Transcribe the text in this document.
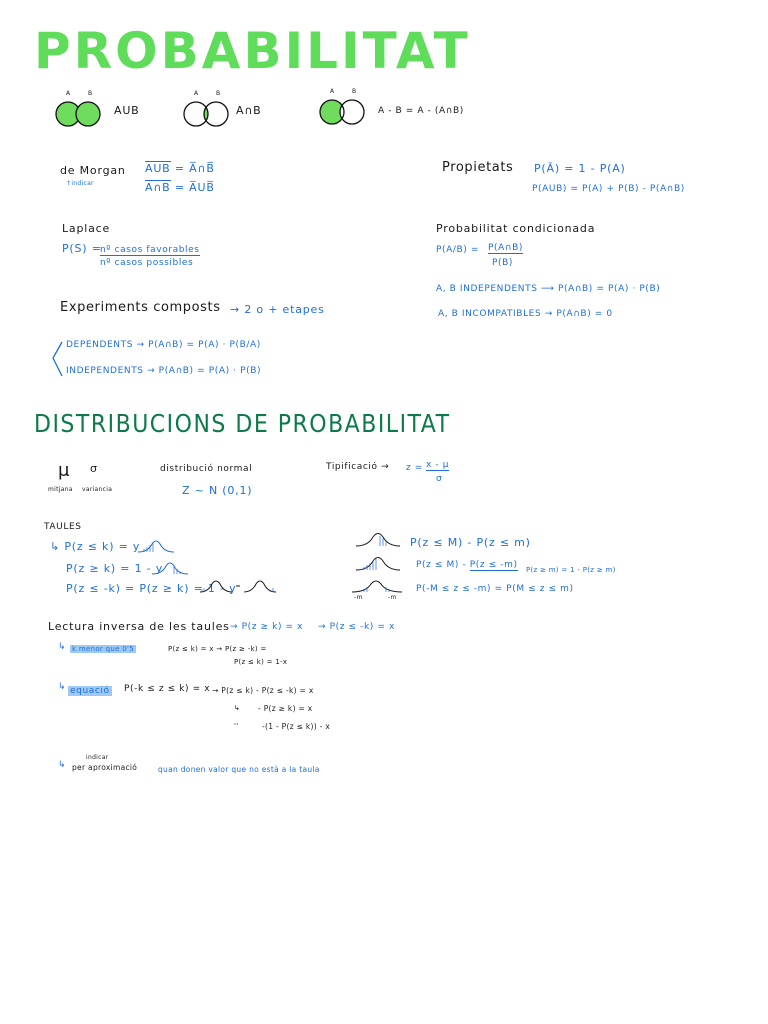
PROBABILITAT
A	B
AUB
A	B
A∩B
A	B
A - B = A - (A∩B)
de Morgan
↑indicar
AUB = A̅∩B̅
A∩B = A̅UB̅
Propietats P(Ā) = 1 - P(A)
P(AUB) = P(A) + P(B) - P(A∩B)
Laplace
P(S) =
nº casos favorables
nº casos possibles
Probabilitat condicionada
P(A/B) = P(A∩B)
P(B)
A, B INDEPENDENTS ⟶ P(A∩B) = P(A) · P(B)
A, B INCOMPATIBLES → P(A∩B) = 0
Experiments composts → 2 o + etapes
DEPENDENTS → P(A∩B) = P(A) · P(B/A)
INDEPENDENTS → P(A∩B) = P(A) · P(B)
DISTRIBUCIONS DE PROBABILITAT
μ σ
mitjana variancia
distribució normal
Z ~ N (0,1)
Tipificació → z = x - μ
σ
TAULES
↳ P(z ≤ k) = y
P(z ≥ k) = 1 - y
P(z ≤ -k) = P(z ≥ k) = 1 - y
P(z ≤ M) - P(z ≤ m)
P(z ≤ M) - P(z ≤ -m) P(z ≥ m) = 1 - P(z ≥ m)
-m	-m
P(-M ≤ z ≤ -m) = P(M ≤ z ≤ m)
Lectura inversa de les taules → P(z ≥ k) = x → P(z ≤ -k) = x
↳ k menor que 0'5	P(z ≤ k) = x → P(z ≥ -k) =
P(z ≤ k) = 1-x
↳ equació P(-k ≤ z ≤ k) = x → P(z ≤ k) - P(z ≤ -k) = x
↳ - P(z ≥ k) = x
''	-(1 - P(z ≤ k)) - x
↳
indicar
per aproximació	quan donen valor que no està a la taula
